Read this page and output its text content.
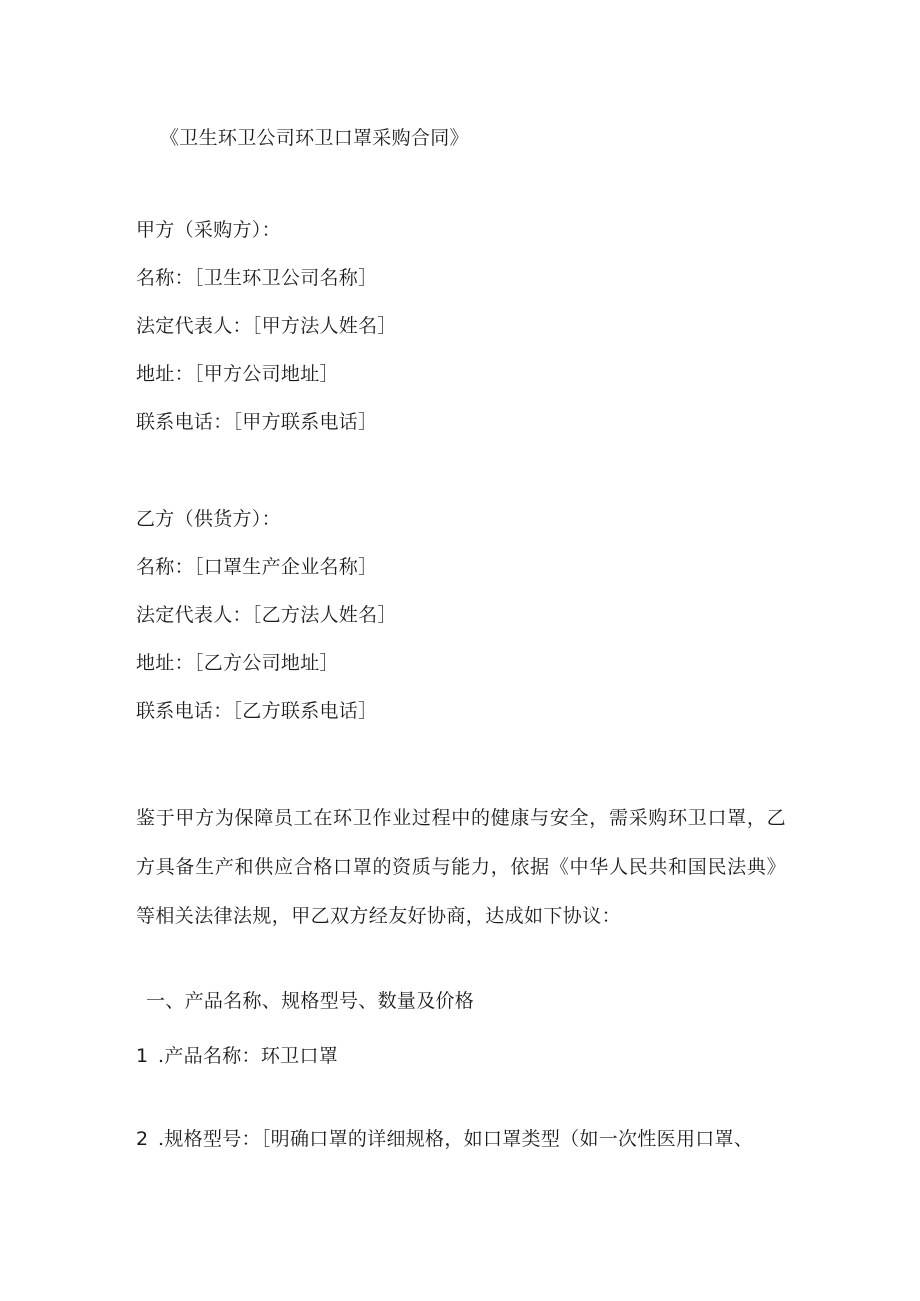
《卫生环卫公司环卫口罩采购合同》

甲方（采购方）：

名称：［卫生环卫公司名称］

法定代表人：［甲方法人姓名］

地址：［甲方公司地址］

联系电话：［甲方联系电话］

乙方（供货方）：

名称：［口罩生产企业名称］

法定代表人：［乙方法人姓名］

地址：［乙方公司地址］

联系电话：［乙方联系电话］

鉴于甲方为保障员工在环卫作业过程中的健康与安全，需采购环卫口罩，乙方具备生产和供应合格口罩的资质与能力，依据《中华人民共和国民法典》等相关法律法规，甲乙双方经友好协商，达成如下协议：

一、产品名称、规格型号、数量及价格

1 .产品名称：环卫口罩

2 .规格型号：［明确口罩的详细规格，如口罩类型（如一次性医用口罩、
